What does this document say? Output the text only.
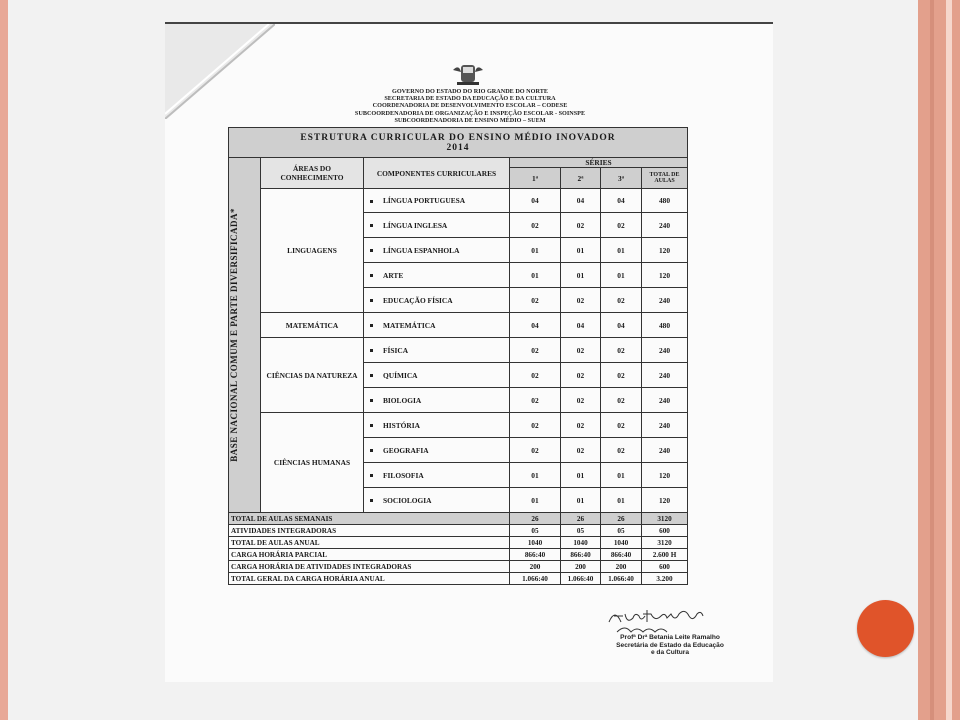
GOVERNO DO ESTADO DO RIO GRANDE DO NORTE
SECRETARIA DE ESTADO DA EDUCAÇÃO E DA CULTURA
COORDENADORIA DE DESENVOLVIMENTO ESCOLAR – CODESE
SUBCOORDENADORIA DE ORGANIZAÇÃO E INSPEÇÃO ESCOLAR - SOINSPE
SUBCOORDENADORIA DE ENSINO MÉDIO – SUEM
ESTRUTURA CURRICULAR DO ENSINO MÉDIO INOVADOR
2014						

BASE NACIONAL COMUM E PARTE DIVERSIFICADA*	ÁREAS DO CONHECIMENTO	COMPONENTES CURRICULARES	SÉRIES			
			1ª	2ª	3ª	TOTAL DE AULAS
	LINGUAGENS	LÍNGUA PORTUGUESA	04	04	04	480
		LÍNGUA INGLESA	02	02	02	240
		LÍNGUA ESPANHOLA	01	01	01	120
		ARTE	01	01	01	120
		EDUCAÇÃO FÍSICA	02	02	02	240
	MATEMÁTICA	MATEMÁTICA	04	04	04	480
	CIÊNCIAS DA NATUREZA	FÍSICA	02	02	02	240
		QUÍMICA	02	02	02	240
		BIOLOGIA	02	02	02	240
	CIÊNCIAS HUMANAS	HISTÓRIA	02	02	02	240
		GEOGRAFIA	02	02	02	240
		FILOSOFIA	01	01	01	120
		SOCIOLOGIA	01	01	01	120
TOTAL DE AULAS SEMANAIS			26	26	26	3120
ATIVIDADES INTEGRADORAS			05	05	05	600
TOTAL DE AULAS ANUAL			1040	1040	1040	3120
CARGA HORÁRIA PARCIAL			866:40	866:40	866:40	2.600 H
CARGA HORÁRIA DE ATIVIDADES INTEGRADORAS			200	200	200	600
TOTAL GERAL DA CARGA HORÁRIA ANUAL			1.066:40	1.066:40	1.066:40	3.200
Profª Drª Betania Leite Ramalho
Secretária de Estado da Educação
e da Cultura
